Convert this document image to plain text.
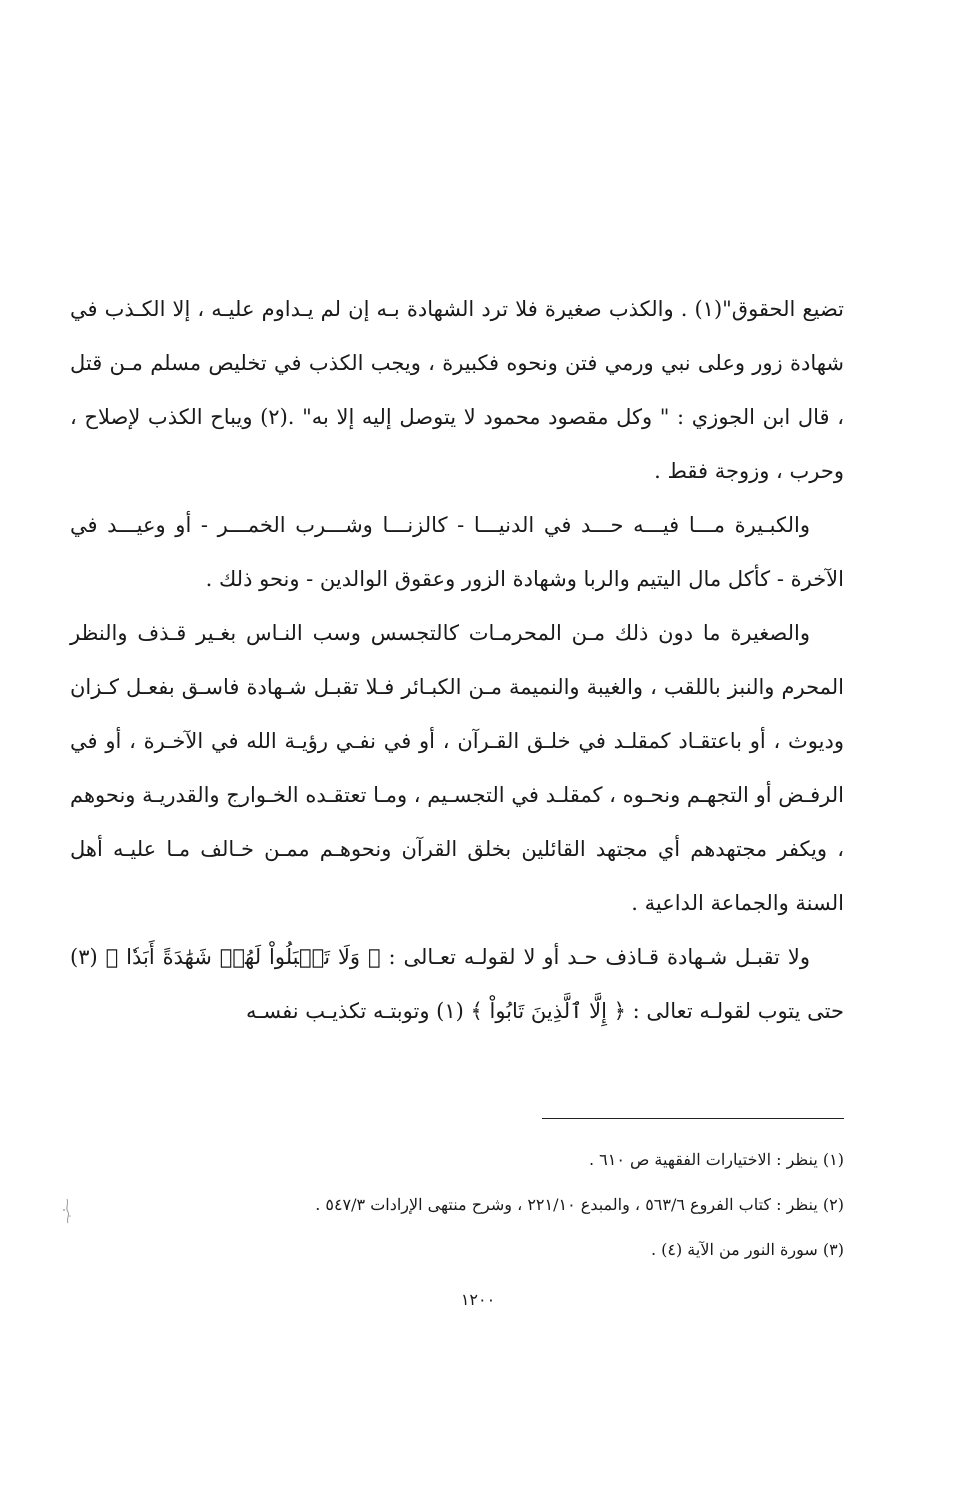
تضيع الحقوق"(١) . والكذب صغيرة فلا ترد الشهادة بـه إن لم يـداوم عليـه ، إلا الكـذب في شهادة زور وعلى نبي ورمي فتن ونحوه فكبيرة ، ويجب الكذب في تخليص مسلم مـن قتل ، قال ابن الجوزي : " وكل مقصود محمود لا يتوصل إليه إلا به" .(٢) ويباح الكذب لإصلاح ، وحرب ، وزوجة فقط .

والكبـيرة مـــا فيـــه حـــد في الدنيـــا - كالزنـــا وشـــرب الخمـــر - أو وعيـــد في الآخرة - كأكل مال اليتيم والربا وشهادة الزور وعقوق الوالدين - ونحو ذلك .

والصغيرة ما دون ذلك مـن المحرمـات كالتجسس وسب النـاس بغـير قـذف والنظر المحرم والنبز باللقب ، والغيبة والنميمة مـن الكبـائر فـلا تقبـل شـهادة فاسـق بفعـل كـزان وديوث ، أو باعتقـاد كمقلـد في خلـق القـرآن ، أو في نفـي رؤيـة الله في الآخـرة ، أو في الرفـض أو التجهـم ونحـوه ، كمقلـد في التجسـيم ، ومـا تعتقـده الخـوارج والقدريـة ونحوهم ، ويكفر مجتهدهم أي مجتهد القائلين بخلق القرآن ونحوهـم ممـن خـالف مـا عليـه أهل السنة والجماعة الداعية .

ولا تقبـل شـهادة قـاذف حـد أو لا لقولـه تعـالى : ﴿ وَلَا تَقۡبَلُواْ لَهُمۡ شَهَٰدَةً أَبَدٗا ﴾ (٣) حتى يتوب لقولـه تعالى : ﴿ إِلَّا ٱلَّذِينَ تَابُواْ ﴾ (١) وتوبتـه تكذيـب نفسـه

(١) ينظر : الاختيارات الفقهية ص ٦١٠ .

(٢) ينظر : كتاب الفروع ٥٦٣/٦ ، والمبدع ٢٢١/١٠ ، وشرح منتهى الإرادات ٥٤٧/٣ .

(٣) سورة النور من الآية (٤) .

١٢٠٠
